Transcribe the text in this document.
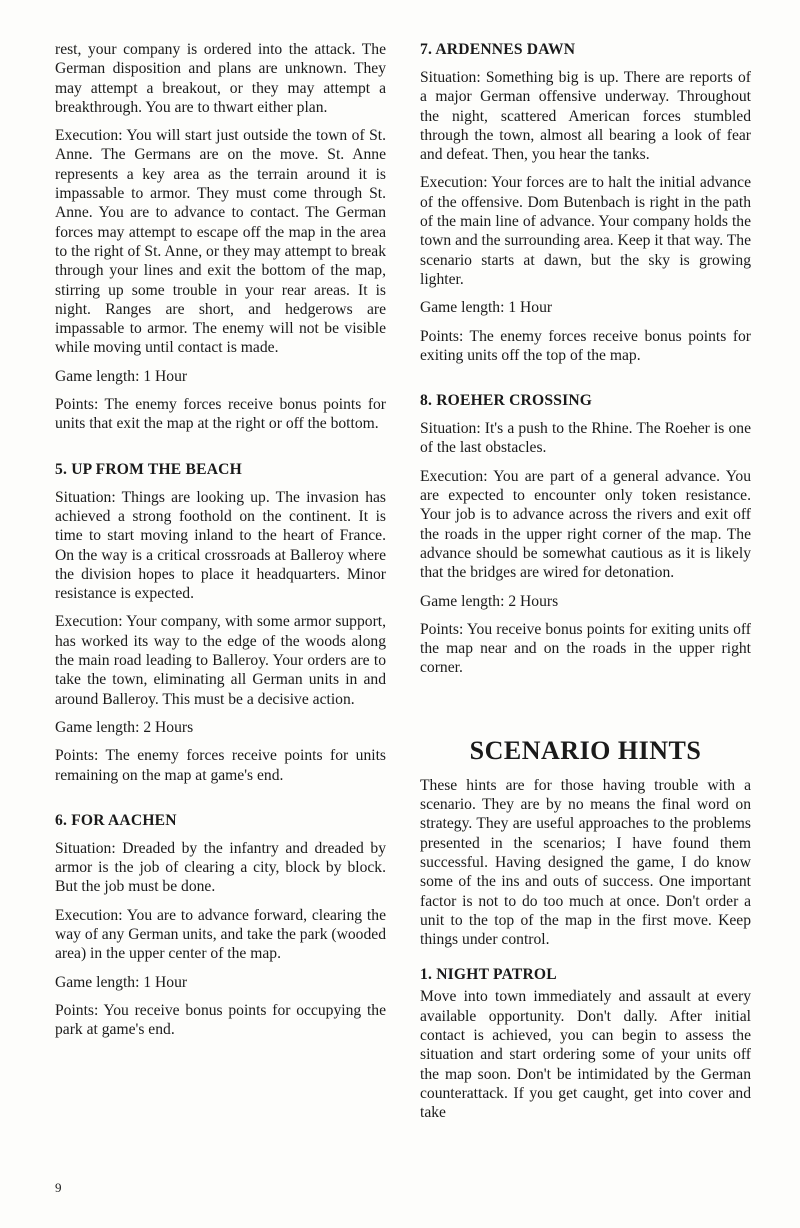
rest, your company is ordered into the attack. The German disposition and plans are unknown. They may attempt a breakout, or they may attempt a breakthrough. You are to thwart either plan.

Execution: You will start just outside the town of St. Anne. The Germans are on the move. St. Anne represents a key area as the terrain around it is impassable to armor. They must come through St. Anne. You are to advance to contact. The German forces may attempt to escape off the map in the area to the right of St. Anne, or they may attempt to break through your lines and exit the bottom of the map, stirring up some trouble in your rear areas. It is night. Ranges are short, and hedgerows are impassable to armor. The enemy will not be visible while moving until contact is made.

Game length: 1 Hour

Points: The enemy forces receive bonus points for units that exit the map at the right or off the bottom.

5. UP FROM THE BEACH

Situation: Things are looking up. The invasion has achieved a strong foothold on the continent. It is time to start moving inland to the heart of France. On the way is a critical crossroads at Balleroy where the division hopes to place it headquarters. Minor resistance is expected.

Execution: Your company, with some armor support, has worked its way to the edge of the woods along the main road leading to Balleroy. Your orders are to take the town, eliminating all German units in and around Balleroy. This must be a decisive action.

Game length: 2 Hours

Points: The enemy forces receive points for units remaining on the map at game's end.

6. FOR AACHEN

Situation: Dreaded by the infantry and dreaded by armor is the job of clearing a city, block by block. But the job must be done.

Execution: You are to advance forward, clearing the way of any German units, and take the park (wooded area) in the upper center of the map.

Game length: 1 Hour

Points: You receive bonus points for occupying the park at game's end.

7. ARDENNES DAWN

Situation: Something big is up. There are reports of a major German offensive underway. Throughout the night, scattered American forces stumbled through the town, almost all bearing a look of fear and defeat. Then, you hear the tanks.

Execution: Your forces are to halt the initial advance of the offensive. Dom Butenbach is right in the path of the main line of advance. Your company holds the town and the surrounding area. Keep it that way. The scenario starts at dawn, but the sky is growing lighter.

Game length: 1 Hour

Points: The enemy forces receive bonus points for exiting units off the top of the map.

8. ROEHER CROSSING

Situation: It's a push to the Rhine. The Roeher is one of the last obstacles.

Execution: You are part of a general advance. You are expected to encounter only token resistance. Your job is to advance across the rivers and exit off the roads in the upper right corner of the map. The advance should be somewhat cautious as it is likely that the bridges are wired for detonation.

Game length: 2 Hours

Points: You receive bonus points for exiting units off the map near and on the roads in the upper right corner.

SCENARIO HINTS

These hints are for those having trouble with a scenario. They are by no means the final word on strategy. They are useful approaches to the problems presented in the scenarios; I have found them successful. Having designed the game, I do know some of the ins and outs of success. One important factor is not to do too much at once. Don't order a unit to the top of the map in the first move. Keep things under control.

1. NIGHT PATROL

Move into town immediately and assault at every available opportunity. Don't dally. After initial contact is achieved, you can begin to assess the situation and start ordering some of your units off the map soon. Don't be intimidated by the German counterattack. If you get caught, get into cover and take

9
